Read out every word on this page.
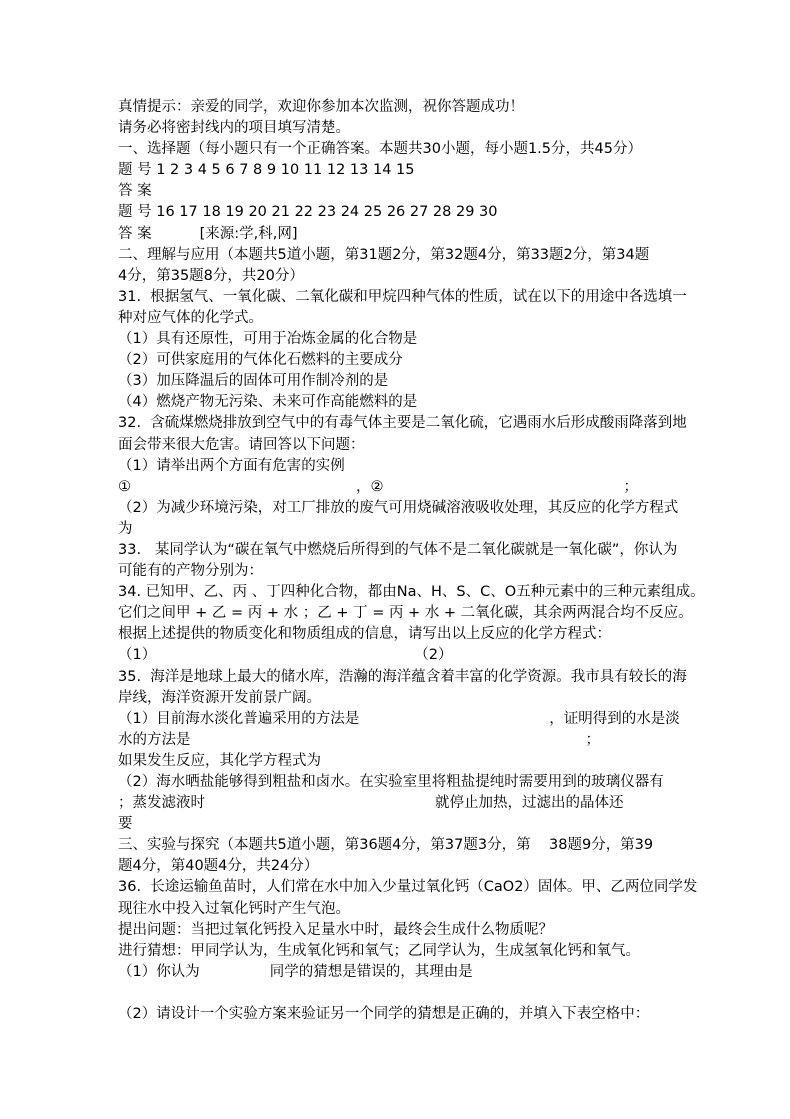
真情提示：亲爱的同学，欢迎你参加本次监测，祝你答题成功！
请务必将密封线内的项目填写清楚。
一、选择题（每小题只有一个正确答案。本题共30小题，每小题1.5分，共45分）
题 号 1 2 3 4 5 6 7 8 9 10 11 12 13 14 15
答 案
题 号 16 17 18 19 20 21 22 23 24 25 26 27 28 29 30
答 案	[来源:学,科,网]
二、理解与应用（本题共5道小题，第31题2分，第32题4分，第33题2分，第34题
4分，第35题8分，共20分）
31.  根据氢气、一氧化碳、二氧化碳和甲烷四种气体的性质，试在以下的用途中各选填一
种对应气体的化学式。
（1）具有还原性，可用于冶炼金属的化合物是
（2）可供家庭用的气体化石燃料的主要成分
（3）加压降温后的固体可用作制冷剂的是
（4）燃烧产物无污染、未来可作高能燃料的是
32.  含硫煤燃烧排放到空气中的有毒气体主要是二氧化硫，它遇雨水后形成酸雨降落到地
面会带来很大危害。请回答以下问题：
（1）请举出两个方面有危害的实例
①	，②	；
（2）为减少环境污染，对工厂排放的废气可用烧碱溶液吸收处理，其反应的化学方程式
为
33.   某同学认为“碳在氧气中燃烧后所得到的气体不是二氧化碳就是一氧化碳”，你认为
可能有的产物分别为：
34. 已知甲、乙、丙 、丁四种化合物，都由Na、H、S、C、O五种元素中的三种元素组成。
它们之间甲 + 乙 = 丙 + 水 ；乙 + 丁 = 丙 + 水 + 二氧化碳，其余两两混合均不反应。
根据上述提供的物质变化和物质组成的信息，请写出以上反应的化学方程式：
（1）	（2）
35.  海洋是地球上最大的储水库，浩瀚的海洋蕴含着丰富的化学资源。我市具有较长的海
岸线，海洋资源开发前景广阔。
（1）目前海水淡化普遍采用的方法是	，证明得到的水是淡
水的方法是	；
如果发生反应，其化学方程式为
（2）海水晒盐能够得到粗盐和卤水。在实验室里将粗盐提纯时需要用到的玻璃仪器有
；蒸发滤液时	就停止加热，过滤出的晶体还
要
三、实验与探究（本题共5道小题，第36题4分，第37题3分，第    38题9分，第39
题4分，第40题4分，共24分）
36.  长途运输鱼苗时，人们常在水中加入少量过氧化钙（CaO2）固体。甲、乙两位同学发
现往水中投入过氧化钙时产生气泡。
提出问题：当把过氧化钙投入足量水中时，最终会生成什么物质呢？
进行猜想：甲同学认为，生成氧化钙和氧气；乙同学认为，生成氢氧化钙和氧气。
（1）你认为	同学的猜想是错误的，其理由是
（2）请设计一个实验方案来验证另一个同学的猜想是正确的，并填入下表空格中：
